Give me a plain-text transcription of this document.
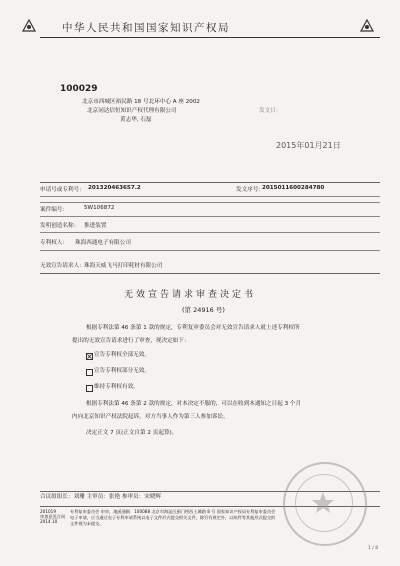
中华人民共和国国家知识产权局
100029
北京市西城区裕民路 18 号北环中心 A 座 2002
北京同达信恒知识产权代理有限公司
黄志华, 石磊
发文日：
2015年01月21日
申请号或专利号： 201320463657.2	发文序号：
2015011600284780
案件编号：	5W106872
发明创造名称： 推进装置
专利权人： 珠海西通电子有限公司
无效宣告请求人： 珠海天威飞马打印耗材有限公司
无效宣告请求审查决定书
(第 24916 号)
根据专利法第 46 条第 1 款的规定，专利复审委员会对无效宣告请求人就上述专利权所
提出的无效宣告请求进行了审查，现决定如下：
宣告专利权全部无效。
宣告专利权部分无效。
维持专利权有效。
根据专利法第 46 条第 2 款的规定，对本决定不服的，可以在收到本通知之日起 3 个月
内向北京知识产权法院起诉，对方当事人作为第三人参加诉讼。
决定正文 7 页(正文自第 2 页起算)。
合议组组长：刘珊 主审员：张艳 参审员：宋晓辉
201019
审查意见合同
2014.10
专利复审委员会 申审，地函通顺：100088 北京市海淀区蓟门桥西土城路 8 号 国家知识产权局专利复审委员会
电子申请，应当通过电子专利申请系统以电子文件形式提交相关文件，除另有规定外，以纸件等其他形式提交的
文件视为未提交。
1 / 8
